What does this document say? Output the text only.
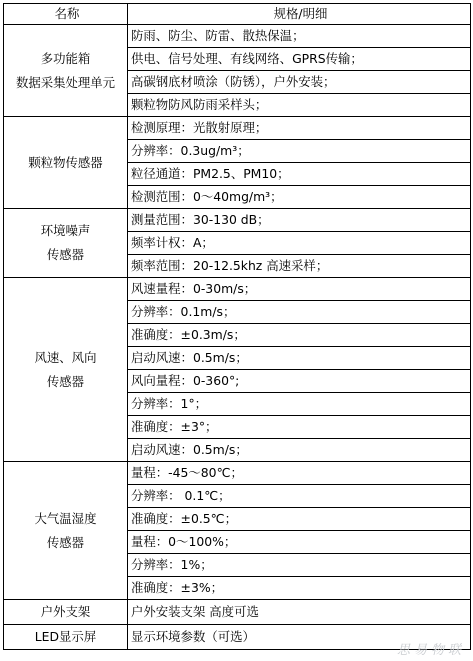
名称	规格/明细

多功能箱
数据采集处理单元	防雨、防尘、防雷、散热保温；
	供电、信号处理、有线网络、GPRS传输；
	高碳钢底材喷涂（防锈），户外安装；
	颗粒物防风防雨采样头；

颗粒物传感器	检测原理：光散射原理；
	分辨率：0.3ug/m³；
	粒径通道：PM2.5、PM10；
	检测范围：0～40mg/m³；

环境噪声
传感器	测量范围：30-130 dB；
	频率计权：A；
	频率范围：20-12.5khz 高速采样；

风速、风向
传感器	风速量程：0-30m/s；
	分辨率：0.1m/s；
	准确度：±0.3m/s；
	启动风速：0.5m/s；
	风向量程：0-360°;
	分辨率：1°；
	准确度：±3°；
	启动风速：0.5m/s；

大气温湿度
传感器	量程：-45～80℃；
	分辨率： 0.1℃；
	准确度：±0.5℃；
	量程：0～100%；
	分辨率：1%；
	准确度：±3%；

户外支架	户外安装支架 高度可选

LED显示屏	显示环境参数（可选）
思易物联
